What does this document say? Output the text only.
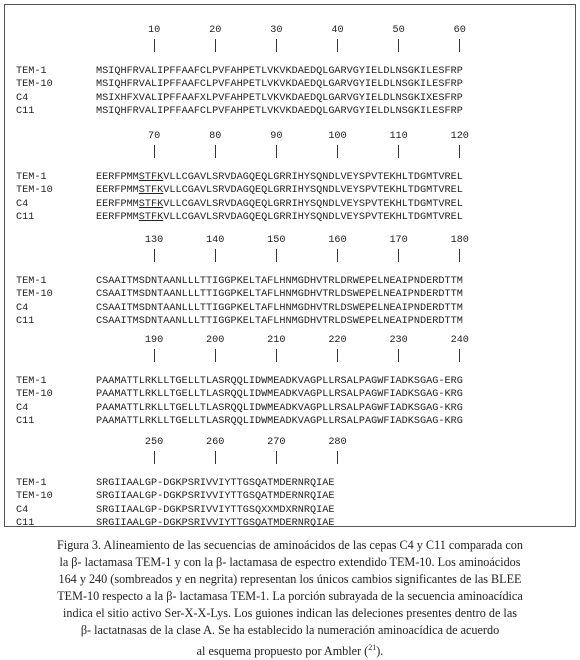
10	20	30	40	50	60
TEM-1	MSIQHFRVALIPFFAAFCLPVFAHPETLVKVKDAEDQLGARVGYIELDLNSGKILESFRP
TEM-10	MSIQHFRVALIPFFAAFCLPVFAHPETLVKVKDAEDQLGARVGYIELDLNSGKILESFRP
C4	MSIXHFXVALIPFFAAFXLPVFAHPETLVKVKDAEDQLGARVGYIELDLNSGKIXESFRP
C11	MSIQHFRVALIPFFAAFCLPVFAHPETLVKVKDAEDQLGARVGYIELDLNSGKILESFRP
70	80	90	100	110	120
TEM-1	EERFPMMSTFKVLLCGAVLSRVDAGQEQLGRRIHYSQNDLVEYSPVTEKHLTDGMTVREL
TEM-10	EERFPMMSTFKVLLCGAVLSRVDAGQEQLGRRIHYSQNDLVEYSPVTEKHLTDGMTVREL
C4	EERFPMMSTFKVLLCGAVLSRVDAGQEQLGRRIHYSQNDLVEYSPVTEKHLTDGMTVREL
C11	EERFPMMSTFKVLLCGAVLSRVDAGQEQLGRRIHYSQNDLVEYSPVTEKHLTDGMTVREL
130	140	150	160	170	180
TEM-1	CSAAITMSDNTAANLLLTTIGGPKELTAFLHNMGDHVTRLDRWEPELNEAIPNDERDTTM
TEM-10	CSAAITMSDNTAANLLLTTIGGPKELTAFLHNMGDHVTRLDSWEPELNEAIPNDERDTTM
C4	CSAAITMSDNTAANLLLTTIGGPKELTAFLHNMGDHVTRLDSWEPELNEAIPNDERDTTM
C11	CSAAITMSDNTAANLLLTTIGGPKELTAFLHNMGDHVTRLDSWEPELNEAIPNDERDTTM
190	200	210	220	230	240
TEM-1	PAAMATTLRKLLTGELLTLASRQQLIDWMEADKVAGPLLRSALPAGWFIADKSGAG-ERG
TEM-10	PAAMATTLRKLLTGELLTLASRQQLIDWMEADKVAGPLLRSALPAGWFIADKSGAG-KRG
C4	PAAMATTLRKLLTGELLTLASRQQLIDWMEADKVAGPLLRSALPAGWFIADKSGAG-KRG
C11	PAAMATTLRKLLTGELLTLASRQQLIDWMEADKVAGPLLRSALPAGWFIADKSGAG-KRG
250	260	270	280
TEM-1	SRGIIAALGP-DGKPSRIVVIYTTGSQATMDERNRQIAE
TEM-10	SRGIIAALGP-DGKPSRIVVIYTTGSQATMDERNRQIAE
C4	SRGIIAALGP-DGKPSRIVVIYTTGSQXXMDXRNRQIAE
C11	SRGIIAALGP-DGKPSRIVVIYTTGSQATMDERNRQIAE
Figura 3. Alineamiento de las secuencias de aminoácidos de las cepas C4 y C11 comparada con
la β- lactamasa TEM-1 y con la β- lactamasa de espectro extendido TEM-10. Los aminoácidos
164 y 240 (sombreados y en negrita) representan los únicos cambios significantes de las BLEE
TEM-10 respecto a la β- lactamasa TEM-1. La porción subrayada de la secuencia aminoacídica
indica el sitio activo Ser-X-X-Lys. Los guiones indican las deleciones presentes dentro de las
β- lactatnasas de la clase A. Se ha establecido la numeración aminoacídica de acuerdo
al esquema propuesto por Ambler ($^{21}$).
